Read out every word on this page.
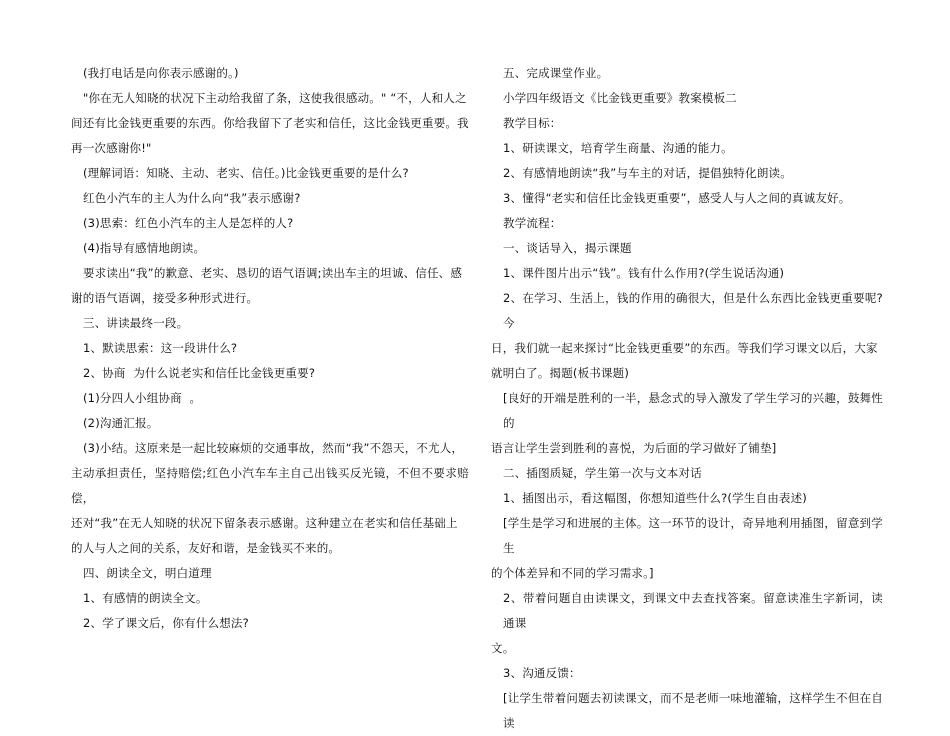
(我打电话是向你表示感谢的。)

"你在无人知晓的状况下主动给我留了条，这使我很感动。" “不，人和人之

间还有比金钱更重要的东西。你给我留下了老实和信任，这比金钱更重要。我

再一次感谢你!"

(理解词语：知晓、主动、老实、信任。)比金钱更重要的是什么?

红色小汽车的主人为什么向“我”表示感谢?

(3)思索：红色小汽车的主人是怎样的人?

(4)指导有感情地朗读。

要求读出“我”的歉意、老实、恳切的语气语调;读出车主的坦诚、信任、感

谢的语气语调，接受多种形式进行。

三、讲读最终一段。

1、默读思索：这一段讲什么?

2、协商  为什么说老实和信任比金钱更重要?

(1)分四人小组协商  。

(2)沟通汇报。

(3)小结。这原来是一起比较麻烦的交通事故，然而“我”不怨天，不尤人，

主动承担责任，坚持赔偿;红色小汽车车主自己出钱买反光镜，不但不要求赔偿，

还对“我”在无人知晓的状况下留条表示感谢。这种建立在老实和信任基础上

的人与人之间的关系，友好和谐，是金钱买不来的。

四、朗读全文，明白道理

1、有感情的朗读全文。

2、学了课文后，你有什么想法?

五、完成课堂作业。

小学四年级语文《比金钱更重要》教案模板二

教学目标：

1、研读课文，培育学生商量、沟通的能力。

2、有感情地朗读“我”与车主的对话，提倡独特化朗读。

3、懂得“老实和信任比金钱更重要”，感受人与人之间的真诚友好。

教学流程：

一、谈话导入，揭示课题

1、课件图片出示“钱”。钱有什么作用?(学生说话沟通)

2、在学习、生活上，钱的作用的确很大，但是什么东西比金钱更重要呢?今

日，我们就一起来探讨“比金钱更重要”的东西。等我们学习课文以后，大家

就明白了。揭题(板书课题)

[良好的开端是胜利的一半，悬念式的导入激发了学生学习的兴趣，鼓舞性的

语言让学生尝到胜利的喜悦，为后面的学习做好了铺垫]

二、插图质疑，学生第一次与文本对话

1、插图出示，看这幅图，你想知道些什么?(学生自由表述)

[学生是学习和进展的主体。这一环节的设计，奇异地利用插图，留意到学生

的个体差异和不同的学习需求。]

2、带着问题自由读课文，到课文中去查找答案。留意读准生字新词，读通课

文。

3、沟通反馈：

[让学生带着问题去初读课文，而不是老师一味地灌输，这样学生不但在自读
